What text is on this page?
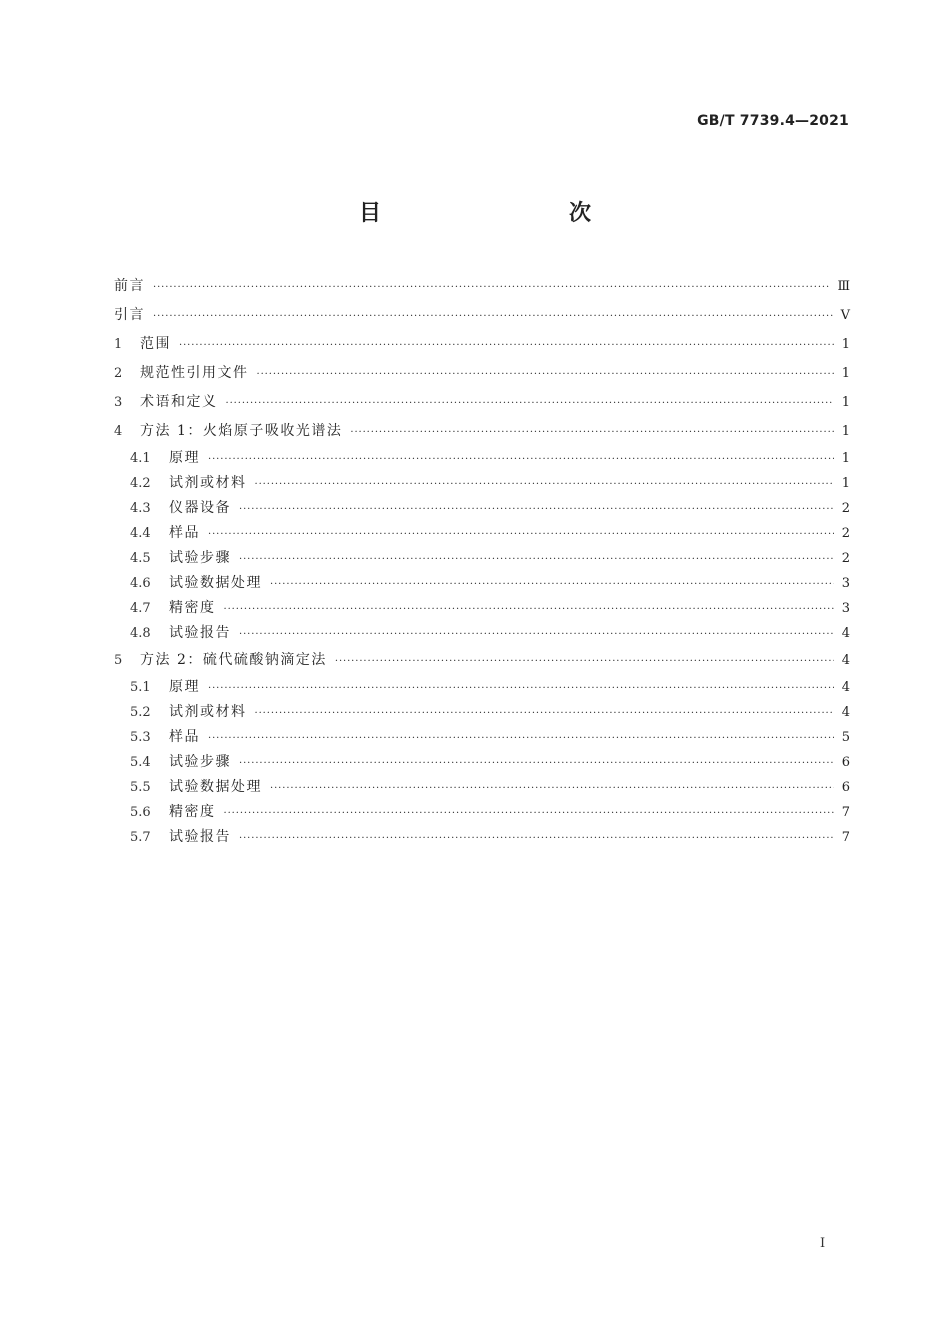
GB/T 7739.4—2021
目　　次
前言 ·····	Ⅲ
引言 ·····	Ⅴ
1	范围 ·····	1
2	规范性引用文件 ·····	1
3	术语和定义 ·····	1
4	方法 1：火焰原子吸收光谱法 ·····	1
4.1	原理 ·····	1
4.2	试剂或材料 ·····	1
4.3	仪器设备 ·····	2
4.4	样品 ·····	2
4.5	试验步骤 ·····	2
4.6	试验数据处理 ·····	3
4.7	精密度 ·····	3
4.8	试验报告 ·····	4
5	方法 2：硫代硫酸钠滴定法 ·····	4
5.1	原理 ·····	4
5.2	试剂或材料 ·····	4
5.3	样品 ·····	5
5.4	试验步骤 ·····	6
5.5	试验数据处理 ·····	6
5.6	精密度 ·····	7
5.7	试验报告 ·····	7
Ⅰ
